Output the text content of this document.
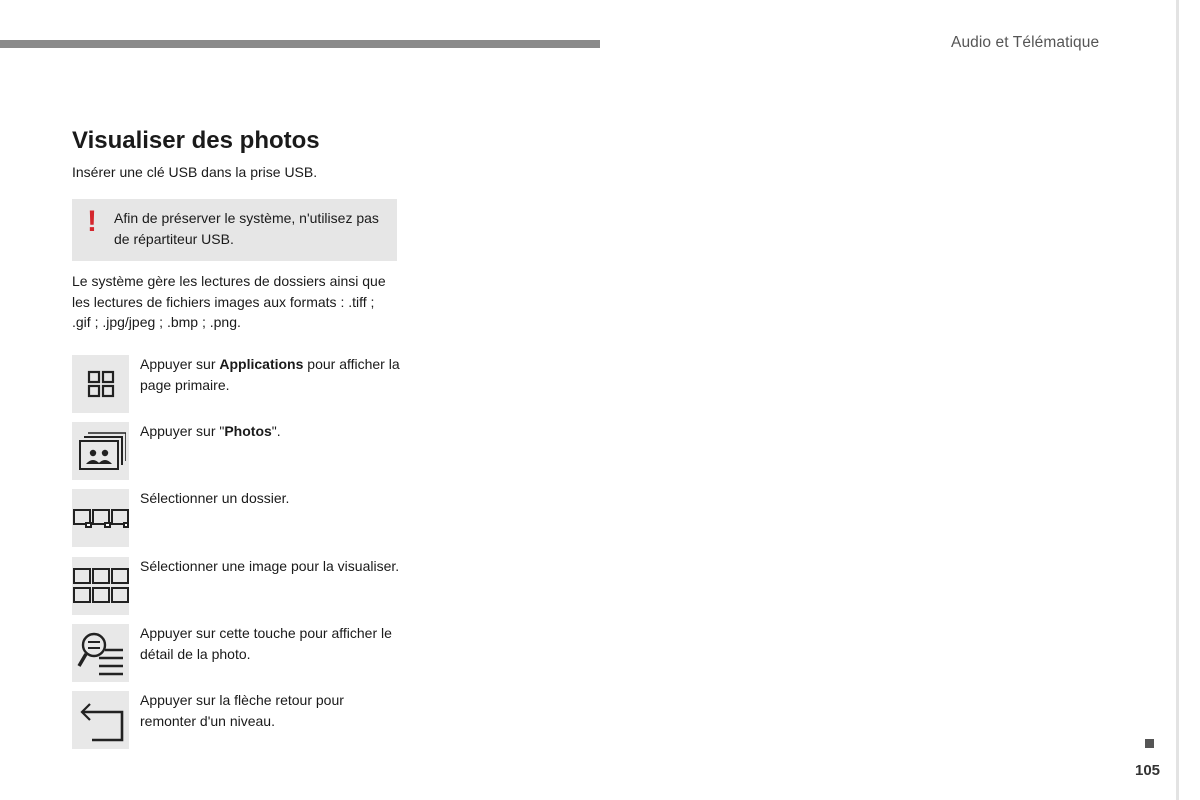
Audio et Télématique
Visualiser des photos
Insérer une clé USB dans la prise USB.
! Afin de préserver le système, n'utilisez pas de répartiteur USB.
Le système gère les lectures de dossiers ainsi que les lectures de fichiers images aux formats : .tiff ; .gif ; .jpg/jpeg ; .bmp ; .png.
Appuyer sur Applications pour afficher la page primaire.
Appuyer sur "Photos".
Sélectionner un dossier.
Sélectionner une image pour la visualiser.
Appuyer sur cette touche pour afficher le détail de la photo.
Appuyer sur la flèche retour pour remonter d'un niveau.
105
